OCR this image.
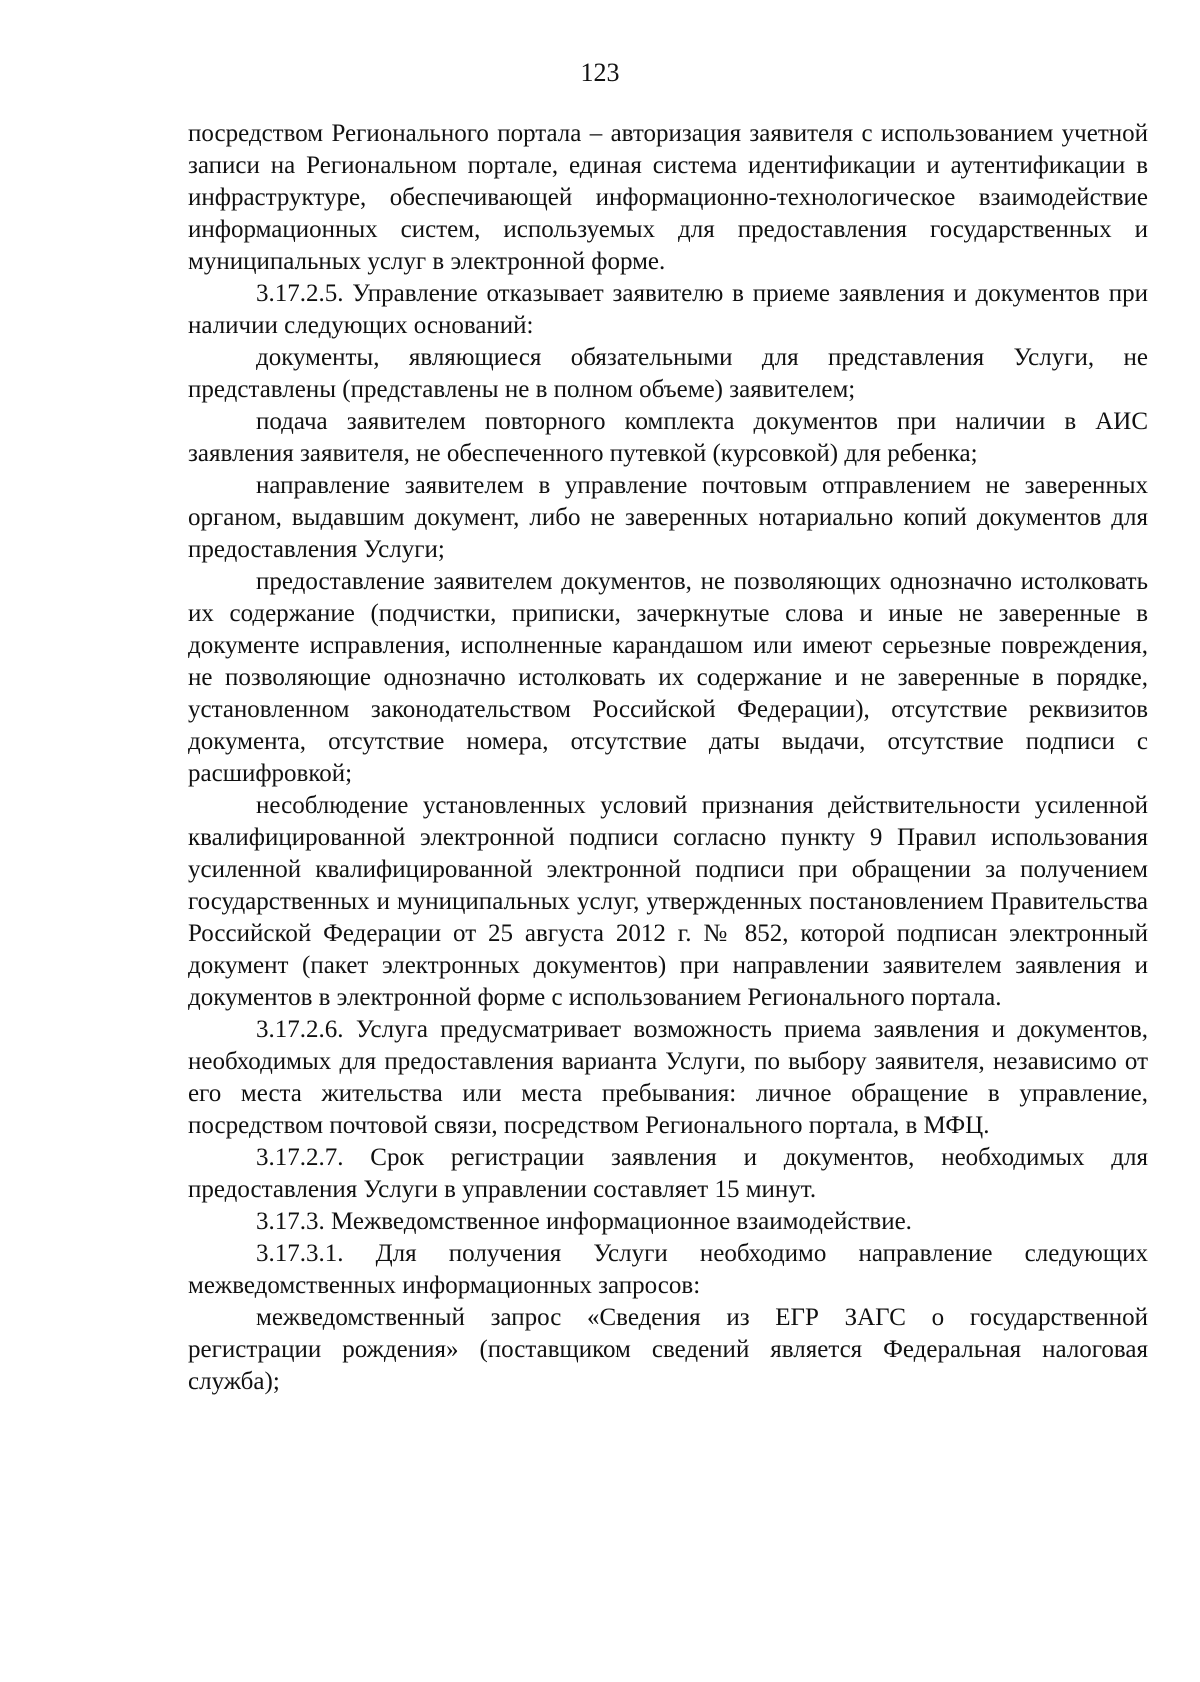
123

посредством Регионального портала – авторизация заявителя с использованием учетной записи на Региональном портале, единая система идентификации и аутентификации в инфраструктуре, обеспечивающей информационно-технологическое взаимодействие информационных систем, используемых для предоставления государственных и муниципальных услуг в электронной форме.

3.17.2.5. Управление отказывает заявителю в приеме заявления и документов при наличии следующих оснований:

документы, являющиеся обязательными для представления Услуги, не представлены (представлены не в полном объеме) заявителем;

подача заявителем повторного комплекта документов при наличии в АИС заявления заявителя, не обеспеченного путевкой (курсовкой) для ребенка;

направление заявителем в управление почтовым отправлением не заверенных органом, выдавшим документ, либо не заверенных нотариально копий документов для предоставления Услуги;

предоставление заявителем документов, не позволяющих однозначно истолковать их содержание (подчистки, приписки, зачеркнутые слова и иные не заверенные в документе исправления, исполненные карандашом или имеют серьезные повреждения, не позволяющие однозначно истолковать их содержание и не заверенные в порядке, установленном законодательством Российской Федерации), отсутствие реквизитов документа, отсутствие номера, отсутствие даты выдачи, отсутствие подписи с расшифровкой;

несоблюдение установленных условий признания действительности усиленной квалифицированной электронной подписи согласно пункту 9 Правил использования усиленной квалифицированной электронной подписи при обращении за получением государственных и муниципальных услуг, утвержденных постановлением Правительства Российской Федерации от 25 августа 2012 г. № 852, которой подписан электронный документ (пакет электронных документов) при направлении заявителем заявления и документов в электронной форме с использованием Регионального портала.

3.17.2.6. Услуга предусматривает возможность приема заявления и документов, необходимых для предоставления варианта Услуги, по выбору заявителя, независимо от его места жительства или места пребывания: личное обращение в управление, посредством почтовой связи, посредством Регионального портала, в МФЦ.

3.17.2.7. Срок регистрации заявления и документов, необходимых для предоставления Услуги в управлении составляет 15 минут.

3.17.3. Межведомственное информационное взаимодействие.

3.17.3.1. Для получения Услуги необходимо направление следующих межведомственных информационных запросов:

межведомственный запрос «Сведения из ЕГР ЗАГС о государственной регистрации рождения» (поставщиком сведений является Федеральная налоговая служба);
